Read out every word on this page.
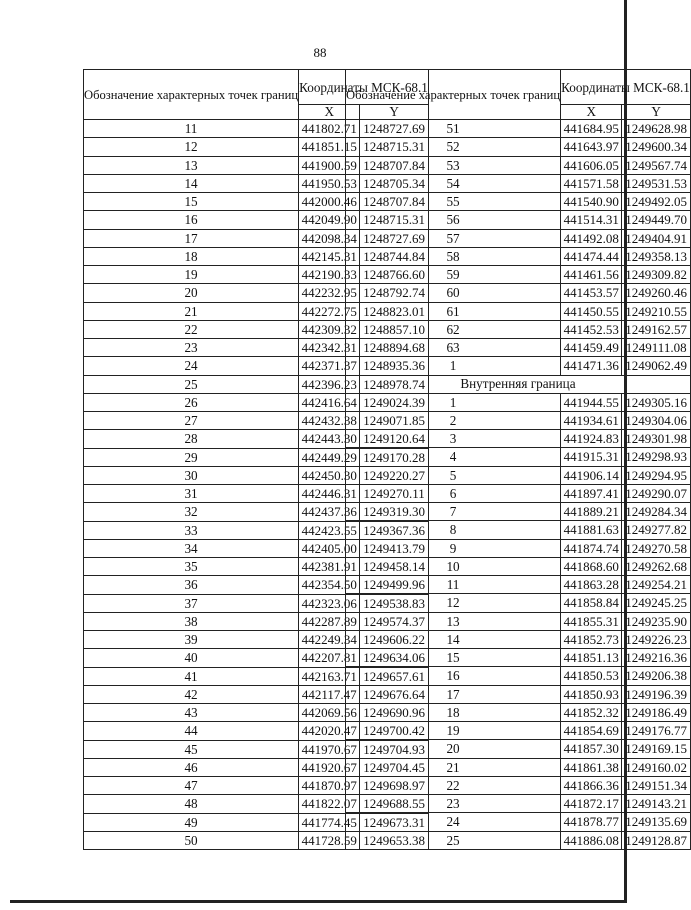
88
Обозначение характерных точек границ	Координаты МСК-68.1	
	X	Y
11	441802.71	1248727.69
12	441851.15	1248715.31
13	441900.59	1248707.84
14	441950.53	1248705.34
15	442000.46	1248707.84
16	442049.90	1248715.31
17	442098.34	1248727.69
18	442145.31	1248744.84
19	442190.33	1248766.60
20	442232.95	1248792.74
21	442272.75	1248823.01
22	442309.32	1248857.10
23	442342.31	1248894.68
24	442371.37	1248935.36
25	442396.23	1248978.74
26	442416.64	1249024.39
27	442432.38	1249071.85
28	442443.30	1249120.64
29	442449.29	1249170.28
30	442450.30	1249220.27
31	442446.31	1249270.11
32	442437.36	1249319.30
33	442423.55	1249367.36
34	442405.00	1249413.79
35	442381.91	1249458.14
36	442354.50	1249499.96
37	442323.06	1249538.83
38	442287.89	1249574.37
39	442249.34	1249606.22
40	442207.81	1249634.06
41	442163.71	1249657.61
42	442117.47	1249676.64
43	442069.56	1249690.96
44	442020.47	1249700.42
45	441970.67	1249704.93
46	441920.67	1249704.45
47	441870.97	1249698.97
48	441822.07	1249688.55
49	441774.45	1249673.31
50	441728.59	1249653.38
Обозначение характерных точек границ	Координаты МСК-68.1	
	X	Y
51	441684.95	1249628.98
52	441643.97	1249600.34
53	441606.05	1249567.74
54	441571.58	1249531.53
55	441540.90	1249492.05
56	441514.31	1249449.70
57	441492.08	1249404.91
58	441474.44	1249358.13
59	441461.56	1249309.82
60	441453.57	1249260.46
61	441450.55	1249210.55
62	441452.53	1249162.57
63	441459.49	1249111.08
1	441471.36	1249062.49
Внутренняя граница		
1	441944.55	1249305.16
2	441934.61	1249304.06
3	441924.83	1249301.98
4	441915.31	1249298.93
5	441906.14	1249294.95
6	441897.41	1249290.07
7	441889.21	1249284.34
8	441881.63	1249277.82
9	441874.74	1249270.58
10	441868.60	1249262.68
11	441863.28	1249254.21
12	441858.84	1249245.25
13	441855.31	1249235.90
14	441852.73	1249226.23
15	441851.13	1249216.36
16	441850.53	1249206.38
17	441850.93	1249196.39
18	441852.32	1249186.49
19	441854.69	1249176.77
20	441857.30	1249169.15
21	441861.38	1249160.02
22	441866.36	1249151.34
23	441872.17	1249143.21
24	441878.77	1249135.69
25	441886.08	1249128.87
